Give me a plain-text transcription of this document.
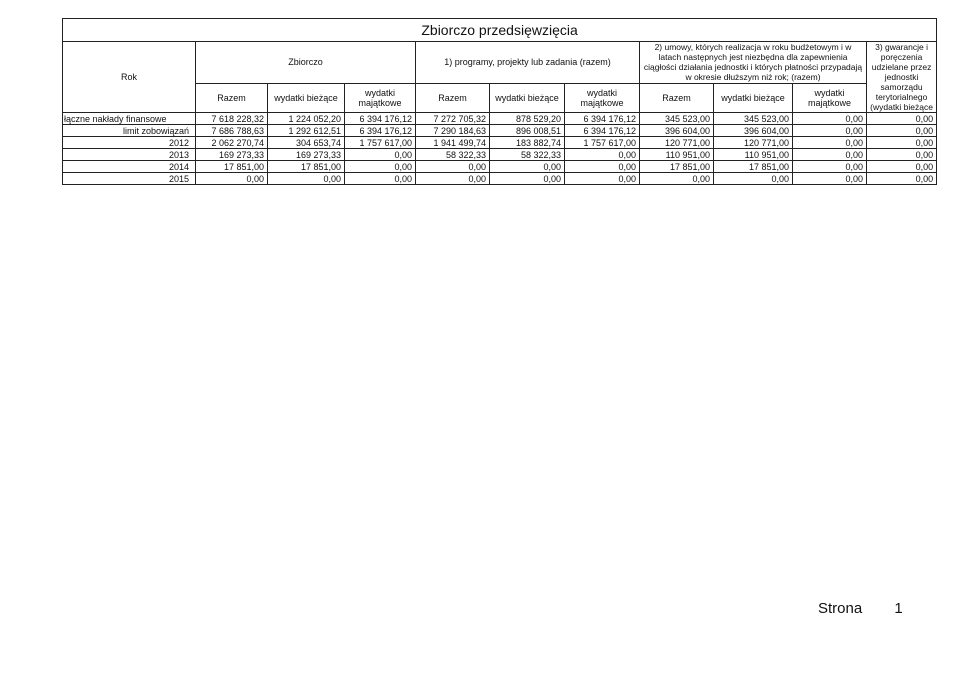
Zbiorczo przedsięwzięcia										
Rok	Zbiorczo			1) programy, projekty lub zadania (razem)			2) umowy, których realizacja w roku budżetowym i w latach następnych jest niezbędna dla zapewnienia ciągłości działania jednostki i których płatności przypadają w okresie dłuższym niż rok; (razem)			3) gwarancje i poręczenia udzielane przez jednostki samorządu terytorialnego (wydatki bieżące
	Razem	wydatki bieżące	wydatki majątkowe	Razem	wydatki bieżące	wydatki majątkowe	Razem	wydatki bieżące	wydatki majątkowe	
łączne nakłady finansowe	7 618 228,32	1 224 052,20	6 394 176,12	7 272 705,32	878 529,20	6 394 176,12	345 523,00	345 523,00	0,00	0,00
limit zobowiązań	7 686 788,63	1 292 612,51	6 394 176,12	7 290 184,63	896 008,51	6 394 176,12	396 604,00	396 604,00	0,00	0,00
2012	2 062 270,74	304 653,74	1 757 617,00	1 941 499,74	183 882,74	1 757 617,00	120 771,00	120 771,00	0,00	0,00
2013	169 273,33	169 273,33	0,00	58 322,33	58 322,33	0,00	110 951,00	110 951,00	0,00	0,00
2014	17 851,00	17 851,00	0,00	0,00	0,00	0,00	17 851,00	17 851,00	0,00	0,00
2015	0,00	0,00	0,00	0,00	0,00	0,00	0,00	0,00	0,00	0,00
Strona 1
